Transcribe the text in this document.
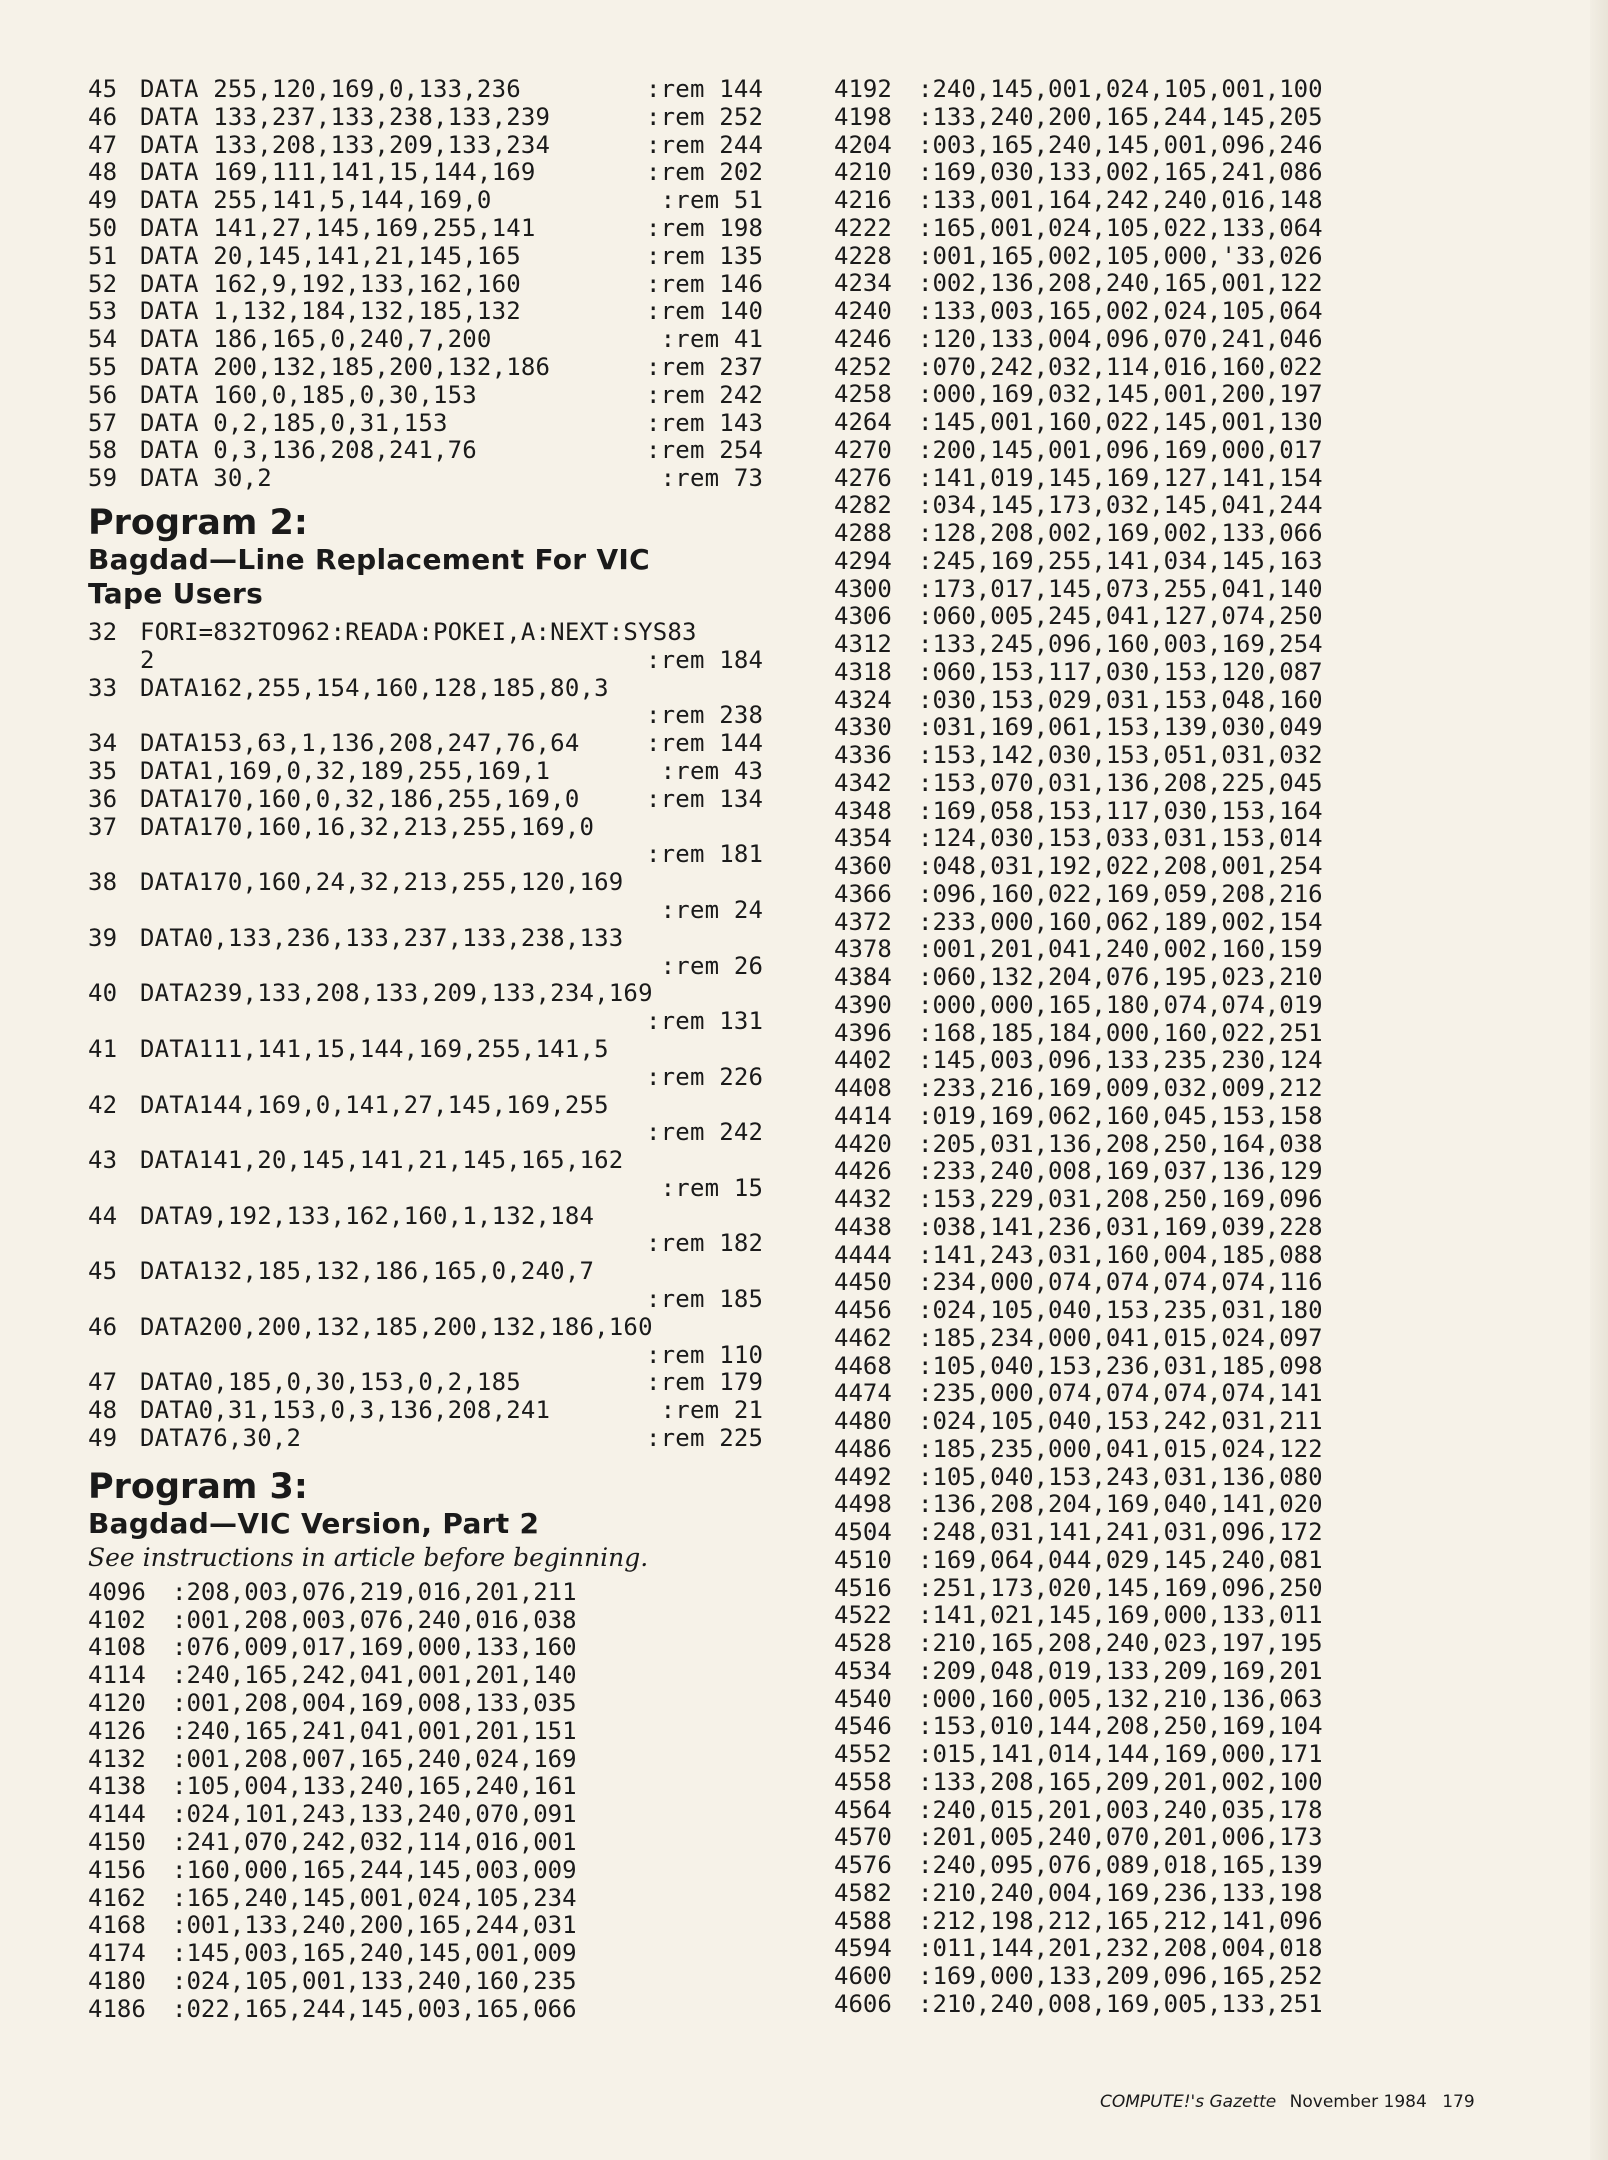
45 DATA 255,120,169,0,133,236	:rem 144
46 DATA 133,237,133,238,133,239	:rem 252
47 DATA 133,208,133,209,133,234	:rem 244
48 DATA 169,111,141,15,144,169	:rem 202
49 DATA 255,141,5,144,169,0	:rem 51
50 DATA 141,27,145,169,255,141	:rem 198
51 DATA 20,145,141,21,145,165	:rem 135
52 DATA 162,9,192,133,162,160	:rem 146
53 DATA 1,132,184,132,185,132	:rem 140
54 DATA 186,165,0,240,7,200	:rem 41
55 DATA 200,132,185,200,132,186	:rem 237
56 DATA 160,0,185,0,30,153	:rem 242
57 DATA 0,2,185,0,31,153	:rem 143
58 DATA 0,3,136,208,241,76	:rem 254
59 DATA 30,2	:rem 73
Program 2:
Bagdad—Line Replacement For VIC
Tape Users
32 FORI=832TO962:READA:POKEI,A:NEXT:SYS83
2	:rem 184
33 DATA162,255,154,160,128,185,80,3
:rem 238
34 DATA153,63,1,136,208,247,76,64	:rem 144
35 DATA1,169,0,32,189,255,169,1	:rem 43
36 DATA170,160,0,32,186,255,169,0	:rem 134
37 DATA170,160,16,32,213,255,169,0
:rem 181
38 DATA170,160,24,32,213,255,120,169
:rem 24
39 DATA0,133,236,133,237,133,238,133
:rem 26
40 DATA239,133,208,133,209,133,234,169
:rem 131
41 DATA111,141,15,144,169,255,141,5
:rem 226
42 DATA144,169,0,141,27,145,169,255
:rem 242
43 DATA141,20,145,141,21,145,165,162
:rem 15
44 DATA9,192,133,162,160,1,132,184
:rem 182
45 DATA132,185,132,186,165,0,240,7
:rem 185
46 DATA200,200,132,185,200,132,186,160
:rem 110
47 DATA0,185,0,30,153,0,2,185	:rem 179
48 DATA0,31,153,0,3,136,208,241	:rem 21
49 DATA76,30,2	:rem 225
Program 3:
Bagdad—VIC Version, Part 2
See instructions in article before beginning.
4096	:208,003,076,219,016,201,211
4102	:001,208,003,076,240,016,038
4108	:076,009,017,169,000,133,160
4114	:240,165,242,041,001,201,140
4120	:001,208,004,169,008,133,035
4126	:240,165,241,041,001,201,151
4132	:001,208,007,165,240,024,169
4138	:105,004,133,240,165,240,161
4144	:024,101,243,133,240,070,091
4150	:241,070,242,032,114,016,001
4156	:160,000,165,244,145,003,009
4162	:165,240,145,001,024,105,234
4168	:001,133,240,200,165,244,031
4174	:145,003,165,240,145,001,009
4180	:024,105,001,133,240,160,235
4186	:022,165,244,145,003,165,066
4192	:240,145,001,024,105,001,100
4198	:133,240,200,165,244,145,205
4204	:003,165,240,145,001,096,246
4210	:169,030,133,002,165,241,086
4216	:133,001,164,242,240,016,148
4222	:165,001,024,105,022,133,064
4228	:001,165,002,105,000,'33,026
4234	:002,136,208,240,165,001,122
4240	:133,003,165,002,024,105,064
4246	:120,133,004,096,070,241,046
4252	:070,242,032,114,016,160,022
4258	:000,169,032,145,001,200,197
4264	:145,001,160,022,145,001,130
4270	:200,145,001,096,169,000,017
4276	:141,019,145,169,127,141,154
4282	:034,145,173,032,145,041,244
4288	:128,208,002,169,002,133,066
4294	:245,169,255,141,034,145,163
4300	:173,017,145,073,255,041,140
4306	:060,005,245,041,127,074,250
4312	:133,245,096,160,003,169,254
4318	:060,153,117,030,153,120,087
4324	:030,153,029,031,153,048,160
4330	:031,169,061,153,139,030,049
4336	:153,142,030,153,051,031,032
4342	:153,070,031,136,208,225,045
4348	:169,058,153,117,030,153,164
4354	:124,030,153,033,031,153,014
4360	:048,031,192,022,208,001,254
4366	:096,160,022,169,059,208,216
4372	:233,000,160,062,189,002,154
4378	:001,201,041,240,002,160,159
4384	:060,132,204,076,195,023,210
4390	:000,000,165,180,074,074,019
4396	:168,185,184,000,160,022,251
4402	:145,003,096,133,235,230,124
4408	:233,216,169,009,032,009,212
4414	:019,169,062,160,045,153,158
4420	:205,031,136,208,250,164,038
4426	:233,240,008,169,037,136,129
4432	:153,229,031,208,250,169,096
4438	:038,141,236,031,169,039,228
4444	:141,243,031,160,004,185,088
4450	:234,000,074,074,074,074,116
4456	:024,105,040,153,235,031,180
4462	:185,234,000,041,015,024,097
4468	:105,040,153,236,031,185,098
4474	:235,000,074,074,074,074,141
4480	:024,105,040,153,242,031,211
4486	:185,235,000,041,015,024,122
4492	:105,040,153,243,031,136,080
4498	:136,208,204,169,040,141,020
4504	:248,031,141,241,031,096,172
4510	:169,064,044,029,145,240,081
4516	:251,173,020,145,169,096,250
4522	:141,021,145,169,000,133,011
4528	:210,165,208,240,023,197,195
4534	:209,048,019,133,209,169,201
4540	:000,160,005,132,210,136,063
4546	:153,010,144,208,250,169,104
4552	:015,141,014,144,169,000,171
4558	:133,208,165,209,201,002,100
4564	:240,015,201,003,240,035,178
4570	:201,005,240,070,201,006,173
4576	:240,095,076,089,018,165,139
4582	:210,240,004,169,236,133,198
4588	:212,198,212,165,212,141,096
4594	:011,144,201,232,208,004,018
4600	:169,000,133,209,096,165,252
4606	:210,240,008,169,005,133,251
COMPUTE!'s Gazette November 1984 179
